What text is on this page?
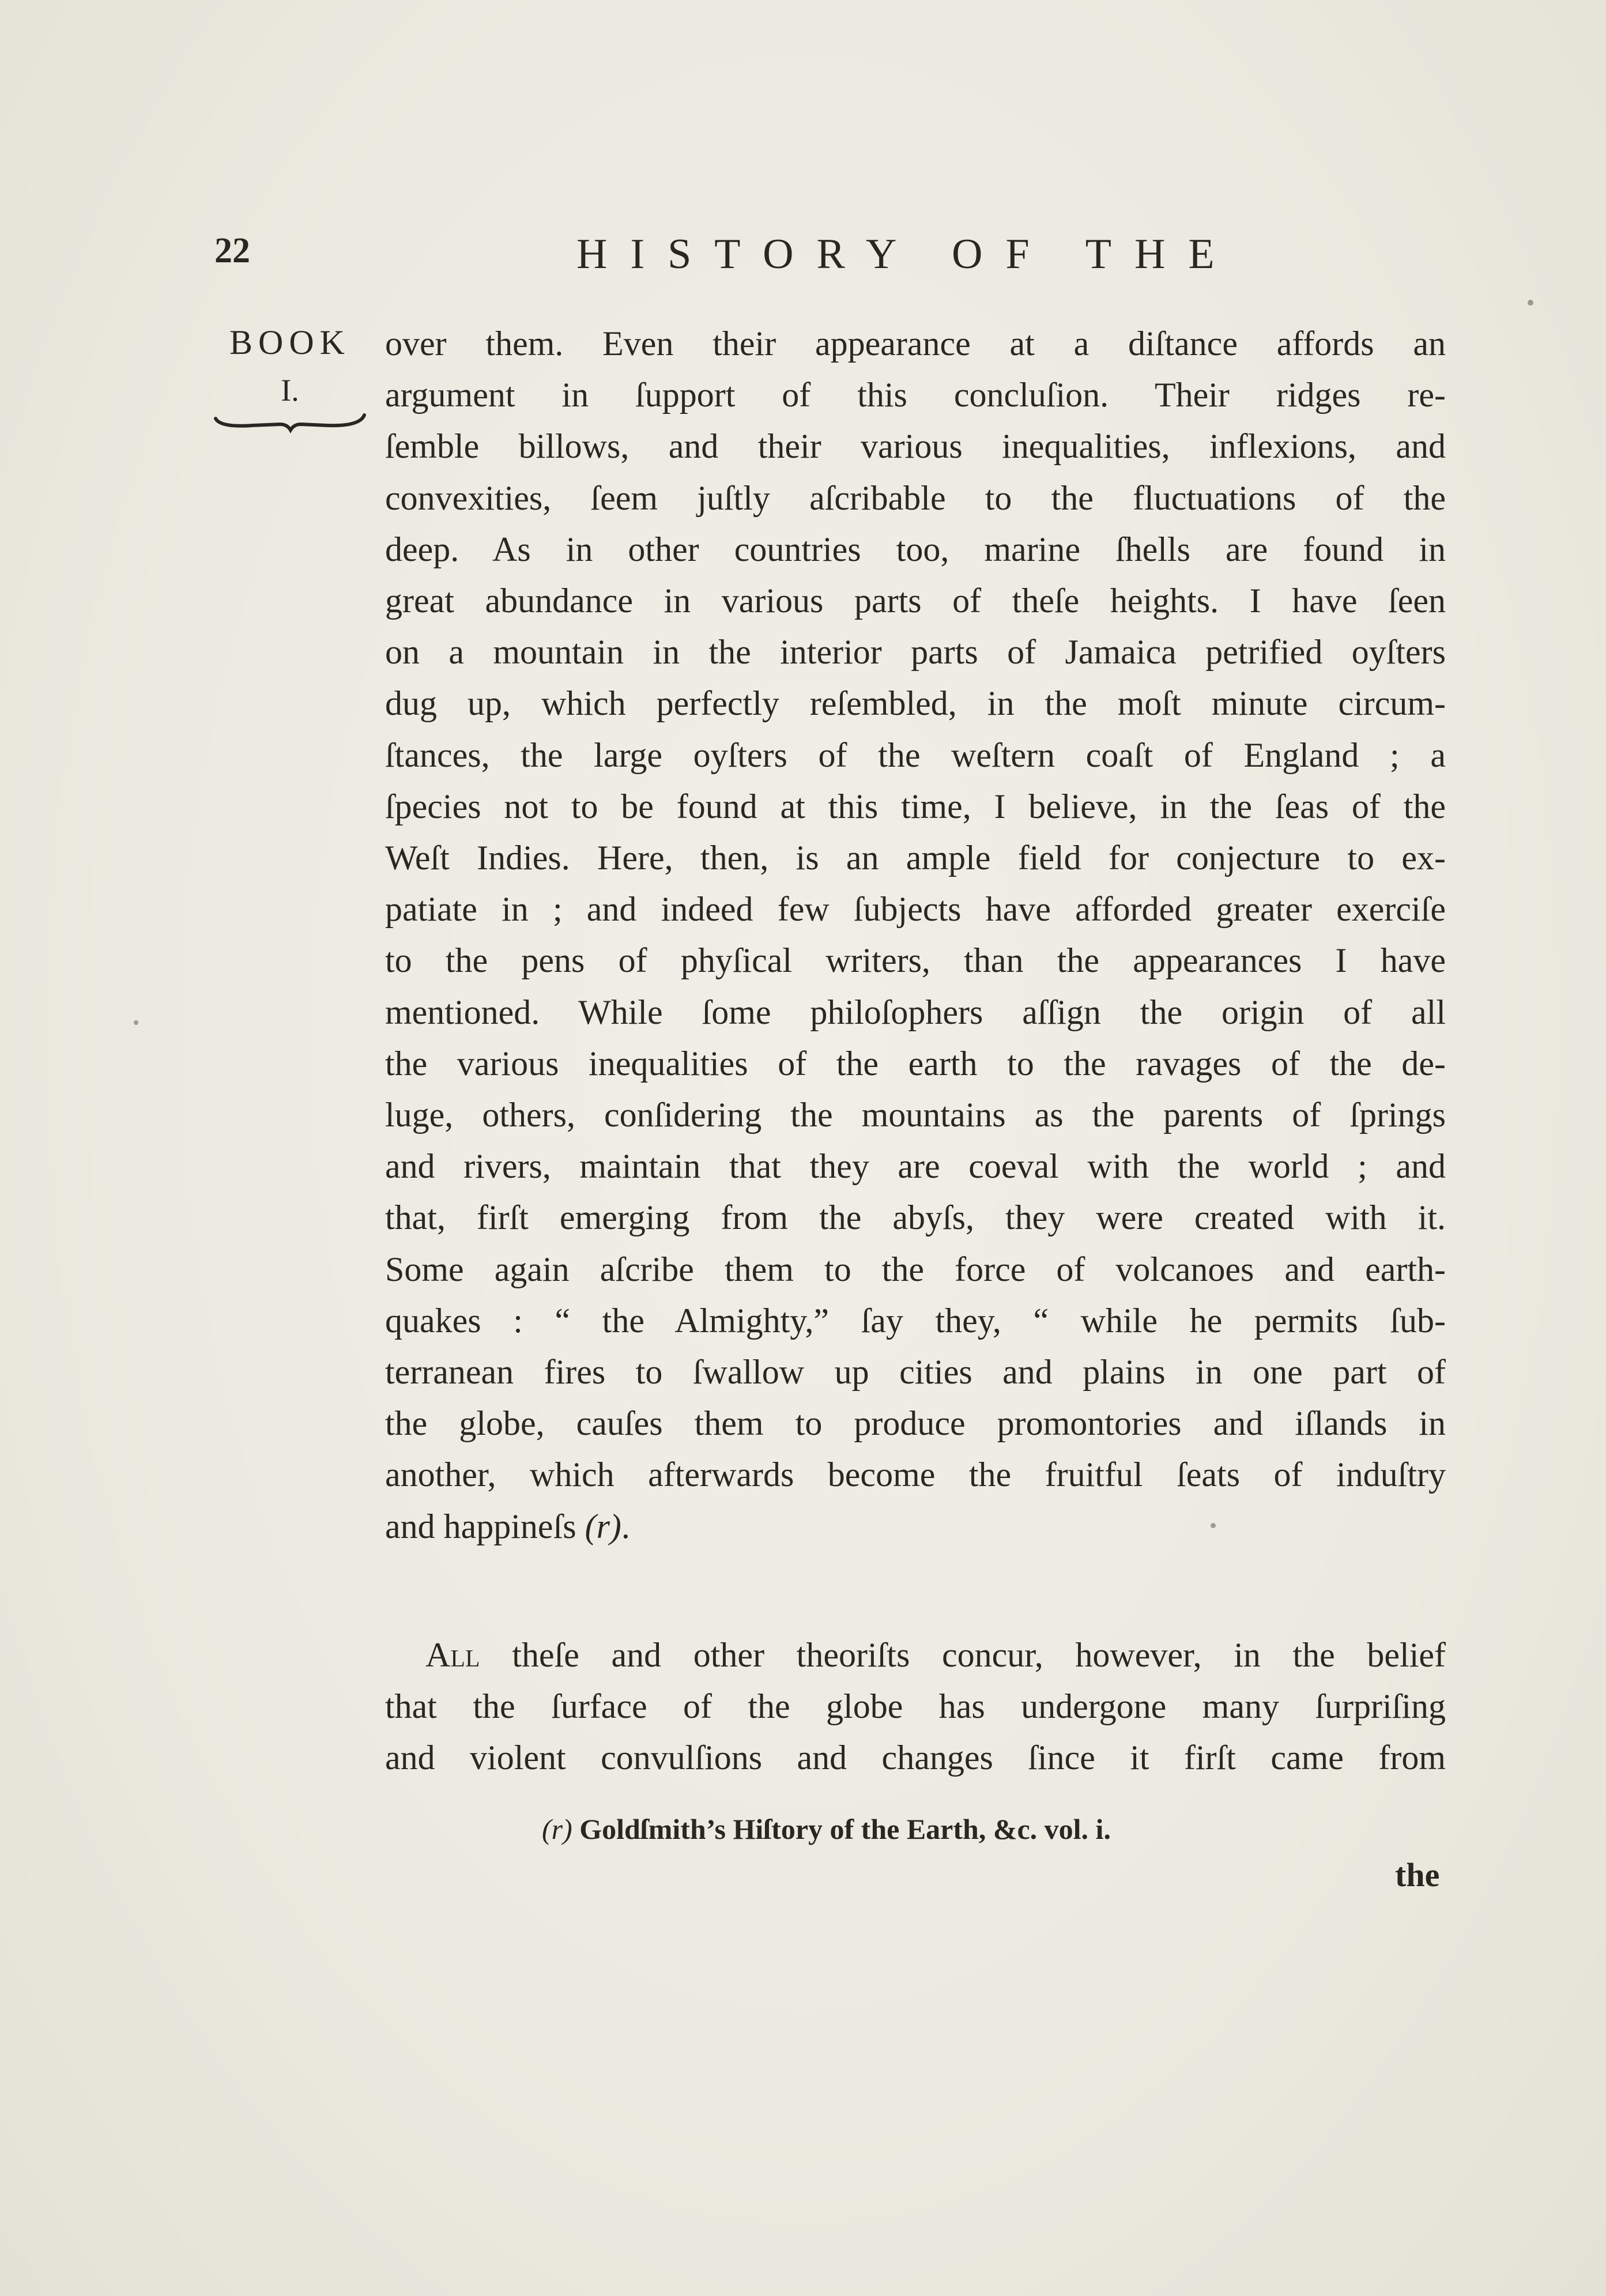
22	HISTORY OF THE
BOOK
I.
over them. Even their appearance at a diſtance affords an
argument in ſupport of this concluſion. Their ridges re-
ſemble billows, and their various inequalities, inflexions, and
convexities, ſeem juſtly aſcribable to the fluctuations of the
deep. As in other countries too, marine ſhells are found in
great abundance in various parts of theſe heights. I have ſeen
on a mountain in the interior parts of Jamaica petrified oyſters
dug up, which perfectly reſembled, in the moſt minute circum-
ſtances, the large oyſters of the weſtern coaſt of England ; a
ſpecies not to be found at this time, I believe, in the ſeas of the
Weſt Indies. Here, then, is an ample field for conjecture to ex-
patiate in ; and indeed few ſubjects have afforded greater exerciſe
to the pens of phyſical writers, than the appearances I have
mentioned. While ſome philoſophers aſſign the origin of all
the various inequalities of the earth to the ravages of the de-
luge, others, conſidering the mountains as the parents of ſprings
and rivers, maintain that they are coeval with the world ; and
that, firſt emerging from the abyſs, they were created with it.
Some again aſcribe them to the force of volcanoes and earth-
quakes : “ the Almighty,” ſay they, “ while he permits ſub-
terranean fires to ſwallow up cities and plains in one part of
the globe, cauſes them to produce promontories and iſlands in
another, which afterwards become the fruitful ſeats of induſtry
and happineſs (r).
All theſe and other theoriſts concur, however, in the belief
that the ſurface of the globe has undergone many ſurpriſing
and violent convulſions and changes ſince it firſt came from
(r) Goldſmith’s Hiſtory of the Earth, &c. vol. i.
the
